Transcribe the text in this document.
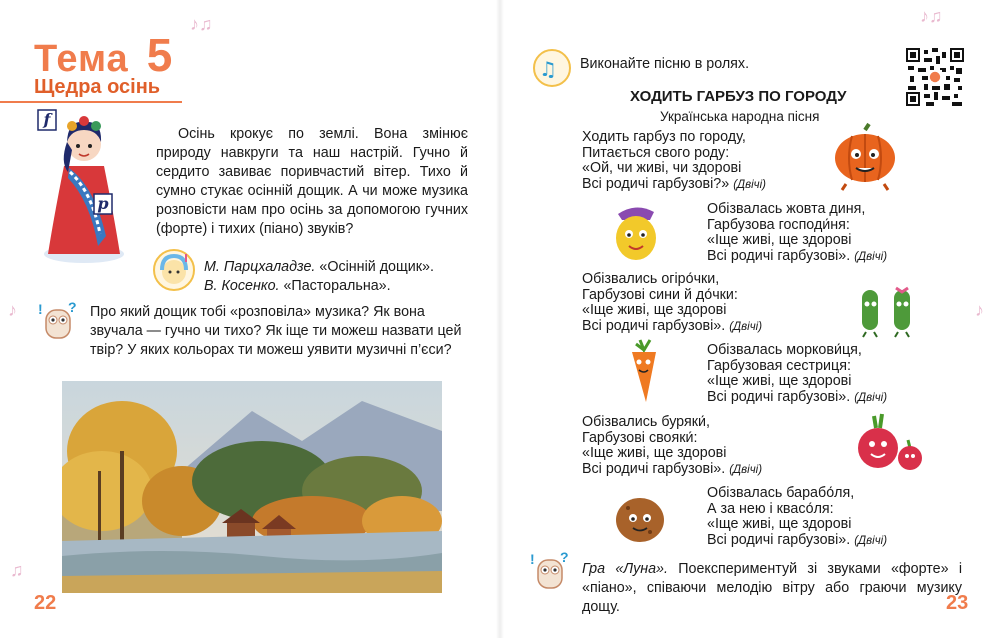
♪♫
♪
♫
Тема 5
Щедра осінь
f
p
Осінь крокує по землі. Вона змінює природу навкруги та наш настрій. Гучно й сердито завиває поривчастий вітер. Тихо й сумно стукає осінній дощик. А чи може музика розповісти нам про осінь за допомогою гучних (форте) і тихих (піано) звуків?
М. Парцхаладзе. «Осінній дощик».
В. Косенко. «Пасторальна».
! ? Про який дощик тобі «розповіла» музика? Як вона звучала — гучно чи тихо? Як іще ти можеш назвати цей твір? У яких кольорах ти можеш уявити музичні п’єси?
22
♪♫
♪
♫ Виконайте пісню в ролях.
ХОДИТЬ ГАРБУЗ ПО ГОРОДУ
Українська народна пісня
Ходить гарбуз по городу,
Питається свого роду:
«Ой, чи живі, чи здорові
Всі родичі гарбузові?» (Двічі)
Обізвалась жовта диня,
Гарбузова господи́ня:
«Іще живі, ще здорові
Всі родичі гарбузові». (Двічі)
Обізвались огіро́чки,
Гарбузові сини й до́чки:
«Іще живі, ще здорові
Всі родичі гарбузові». (Двічі)
Обізвалась моркови́ця,
Гарбузовая сестриця:
«Іще живі, ще здорові
Всі родичі гарбузові». (Двічі)
Обізвались буряки́,
Гарбузові свояки́:
«Іще живі, ще здорові
Всі родичі гарбузові». (Двічі)
Обізвалась барабо́ля,
А за нею і квасо́ля:
«Іще живі, ще здорові
Всі родичі гарбузові». (Двічі)
! ?
Гра «Луна». Поекспериментуй зі звуками «форте» і «піано», співаючи мелодію вітру або граючи музику дощу.	23
